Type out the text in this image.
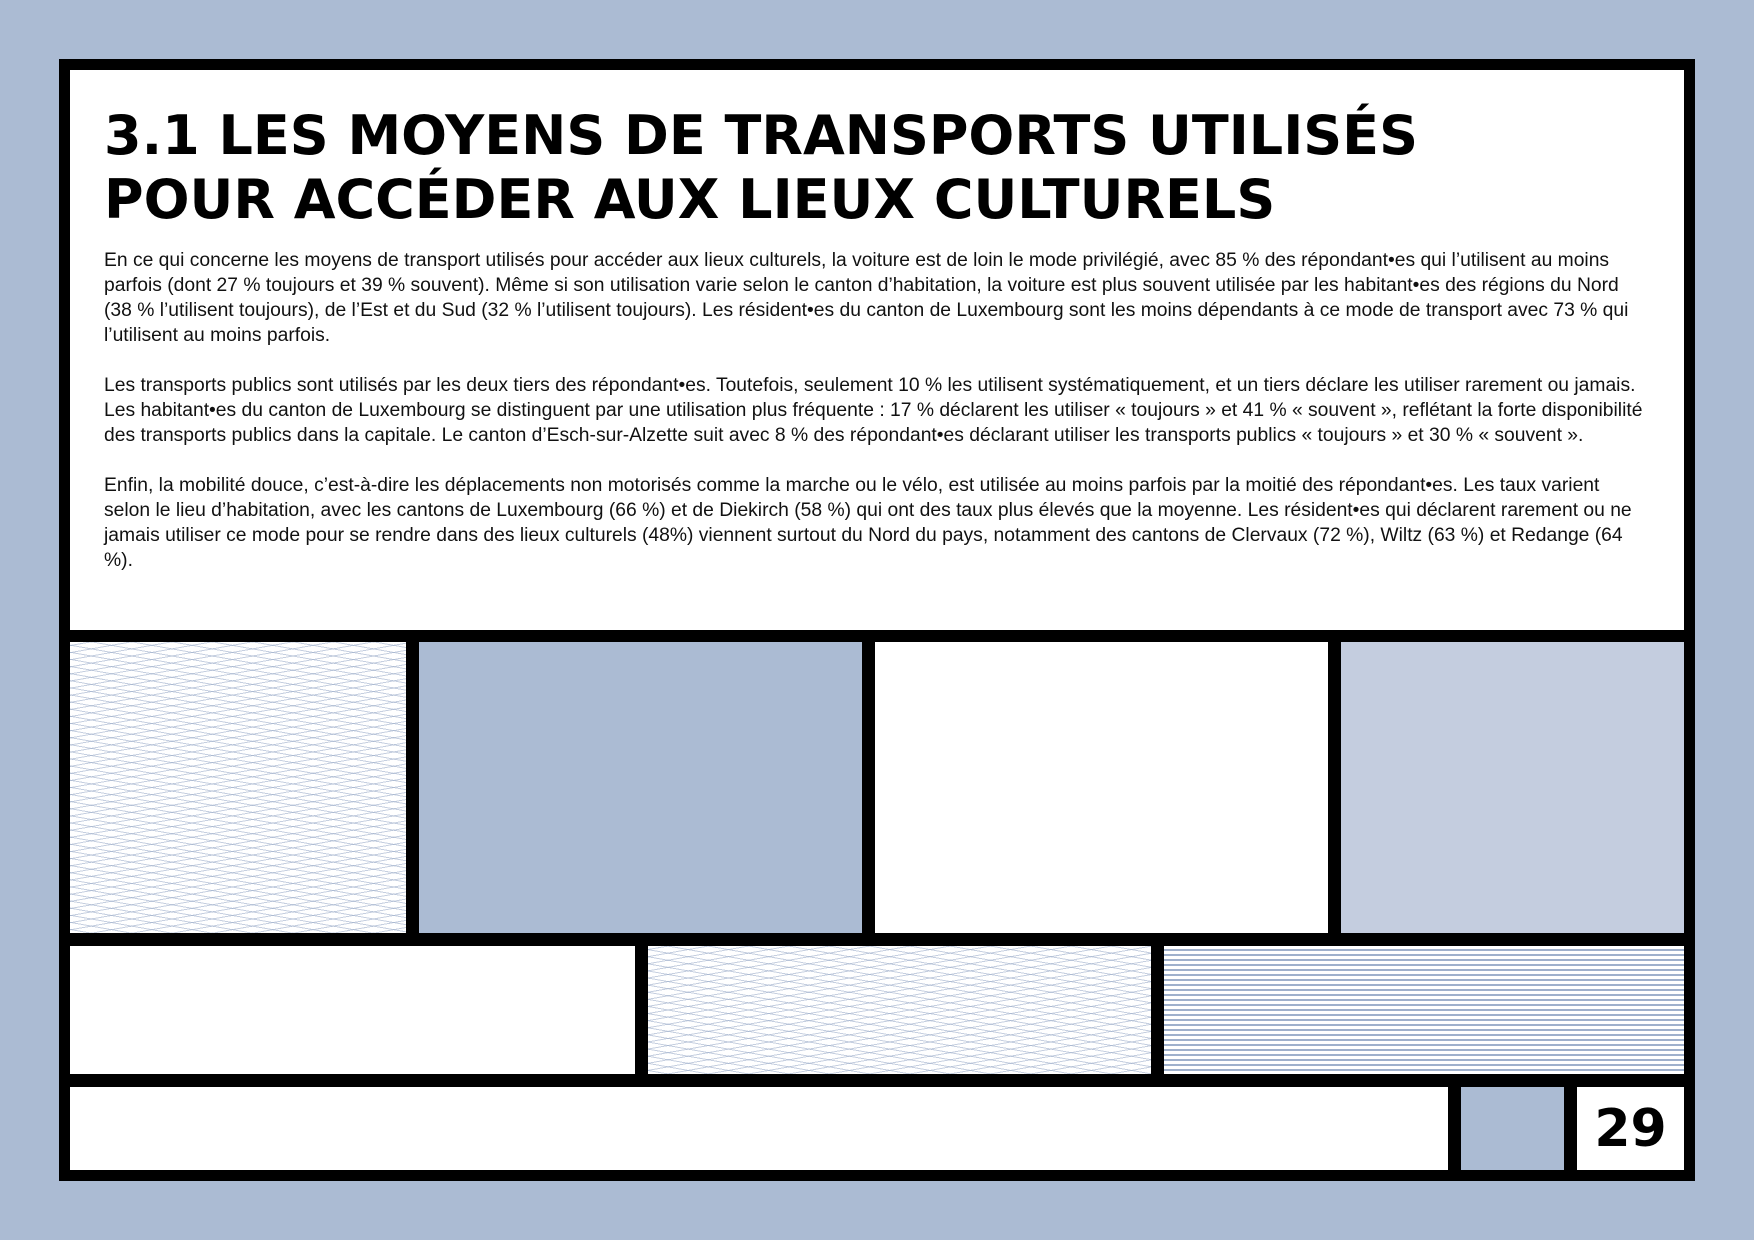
3.1 LES MOYENS DE TRANSPORTS UTILISÉS
POUR ACCÉDER AUX LIEUX CULTURELS

En ce qui concerne les moyens de transport utilisés pour accéder aux lieux culturels, la voiture est de loin le mode privilégié, avec 85 % des répondant•es qui l’utilisent au moins parfois (dont 27 % toujours et 39 % souvent). Même si son utilisation varie selon le canton d’habitation, la voiture est plus souvent utilisée par les habitant•es des régions du Nord (38 % l’utilisent toujours), de l’Est et du Sud (32 % l’utilisent toujours). Les résident•es du canton de Luxembourg sont les moins dépendants à ce mode de transport avec 73 % qui l’utilisent au moins parfois.

Les transports publics sont utilisés par les deux tiers des répondant•es. Toutefois, seulement 10 % les utilisent systématiquement, et un tiers déclare les utiliser rarement ou jamais. Les habitant•es du canton de Luxembourg se distinguent par une utilisation plus fréquente : 17 % déclarent les utiliser « toujours » et 41 % « souvent », reflétant la forte disponibilité des transports publics dans la capitale. Le canton d’Esch-sur-Alzette suit avec 8 % des répondant•es déclarant utiliser les transports publics « toujours » et 30 % « souvent ».

Enfin, la mobilité douce, c’est-à-dire les déplacements non motorisés comme la marche ou le vélo, est utilisée au moins parfois par la moitié des répondant•es. Les taux varient selon le lieu d’habitation, avec les cantons de Luxembourg (66 %) et de Diekirch (58 %) qui ont des taux plus élevés que la moyenne. Les résident•es qui déclarent rarement ou ne jamais utiliser ce mode pour se rendre dans des lieux culturels (48%) viennent surtout du Nord du pays, notamment des cantons de Clervaux (72 %), Wiltz (63 %) et Redange (64 %).

29
